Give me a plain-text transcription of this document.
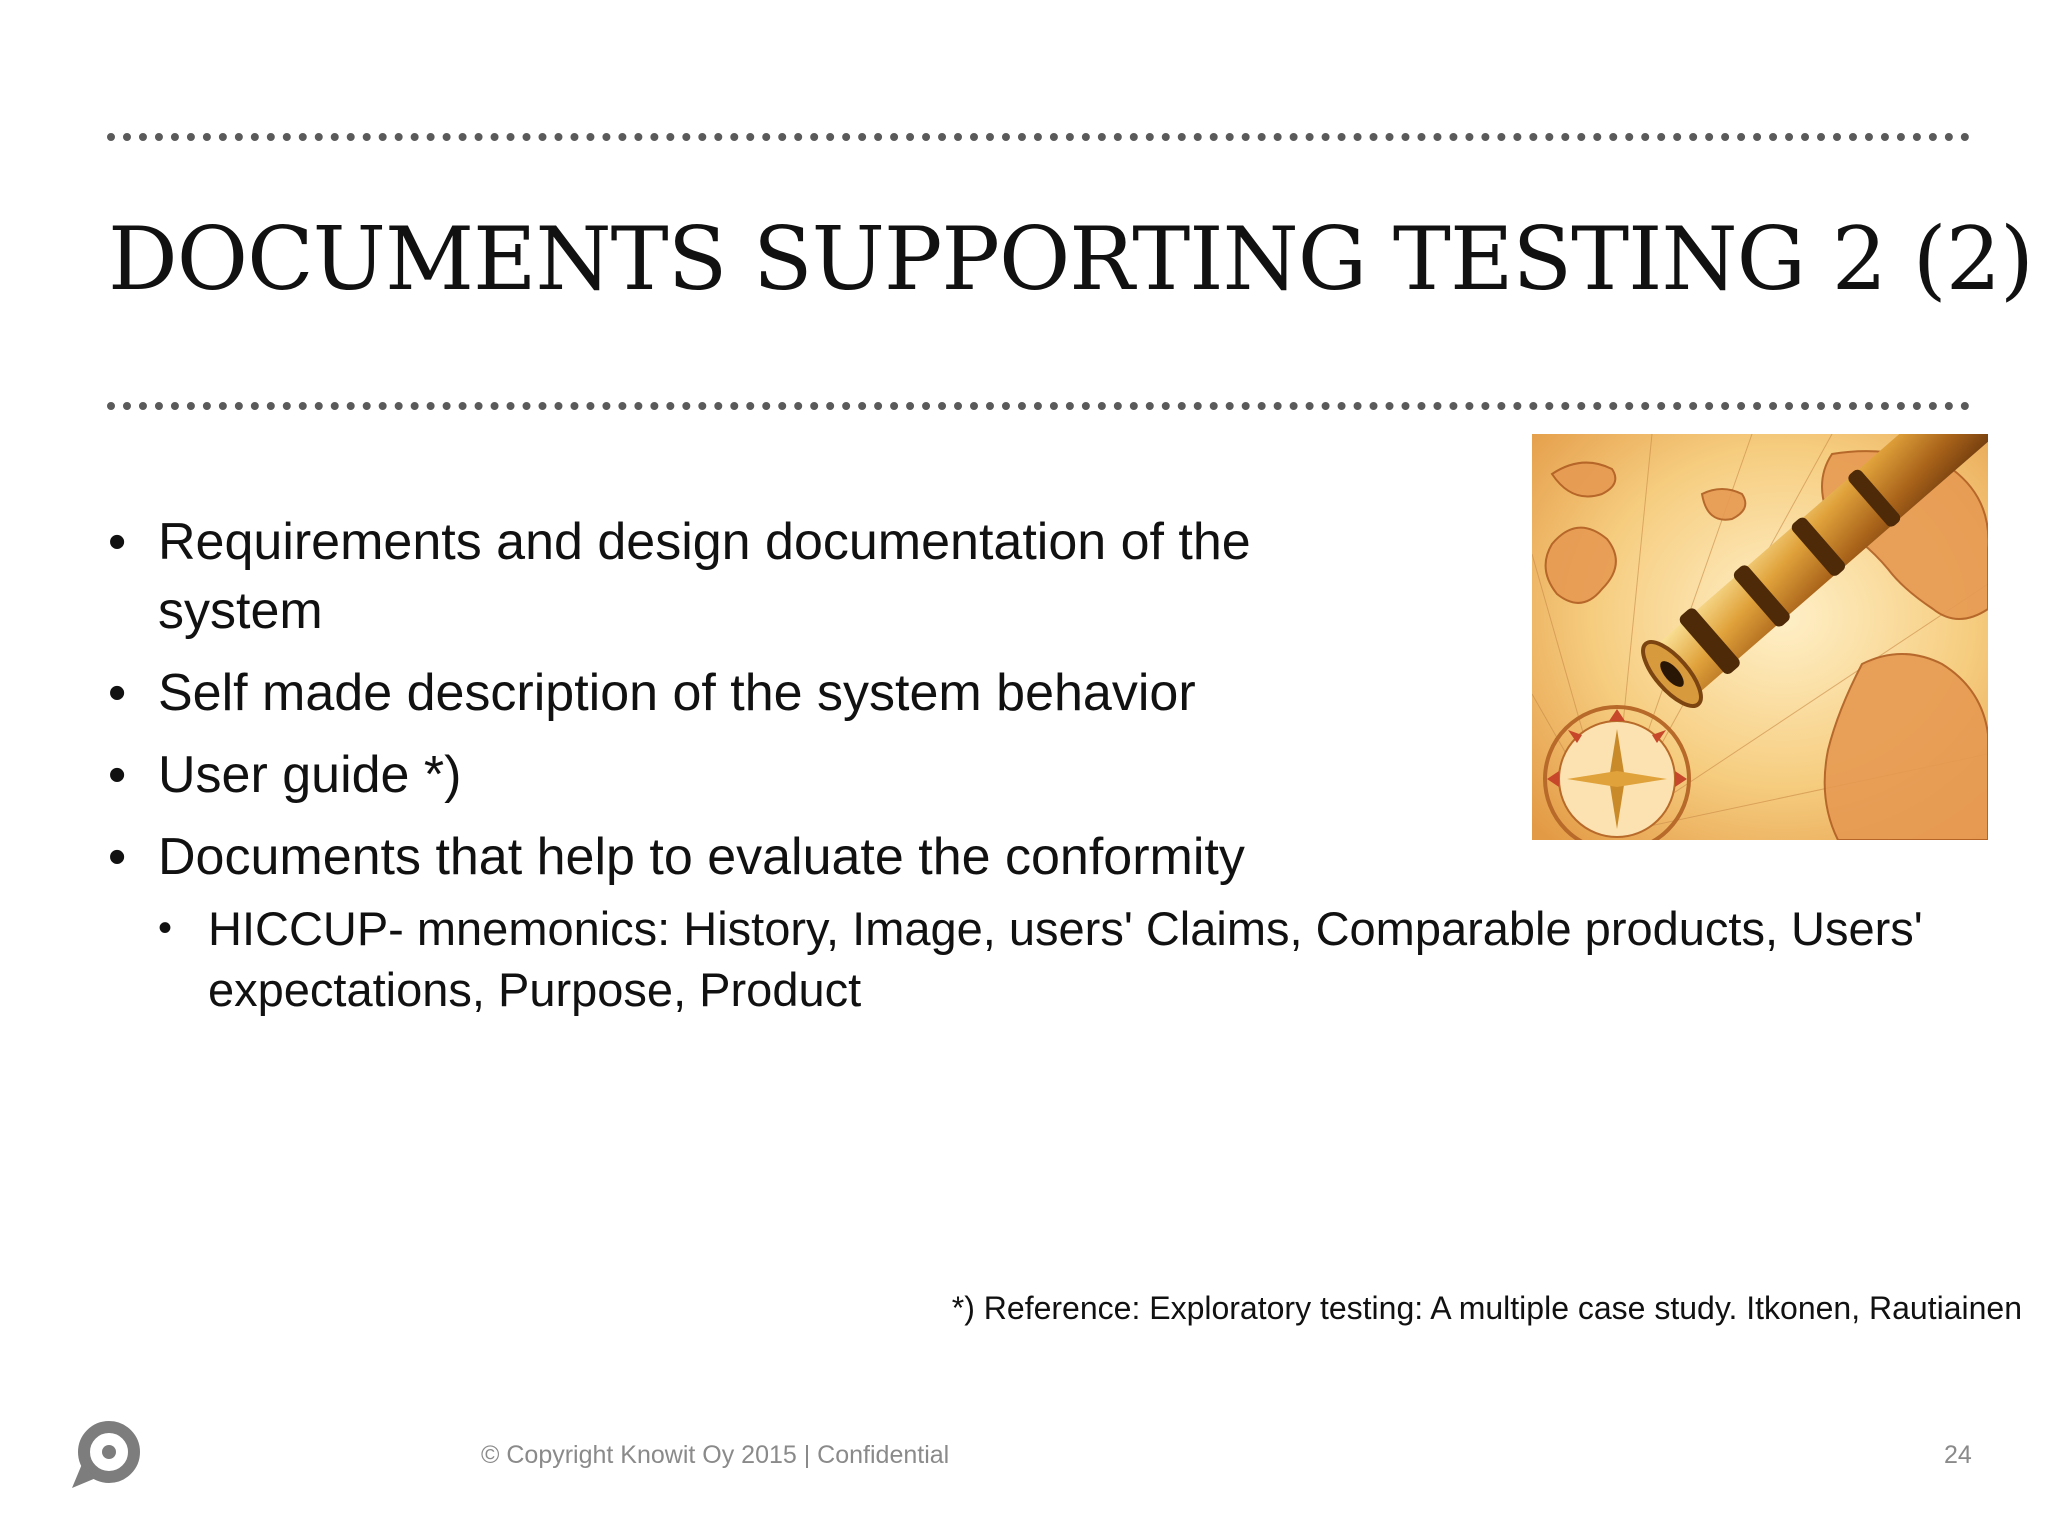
DOCUMENTS SUPPORTING TESTING 2 (2)
• Requirements and design documentation of the system
• Self made description of the system behavior
• User guide *)
• Documents that help to evaluate the conformity
• HICCUP- mnemonics: History, Image, users' Claims, Comparable products, Users' expectations, Purpose, Product
*) Reference: Exploratory testing: A multiple case study. Itkonen, Rautiainen
© Copyright Knowit Oy 2015 | Confidential	24
